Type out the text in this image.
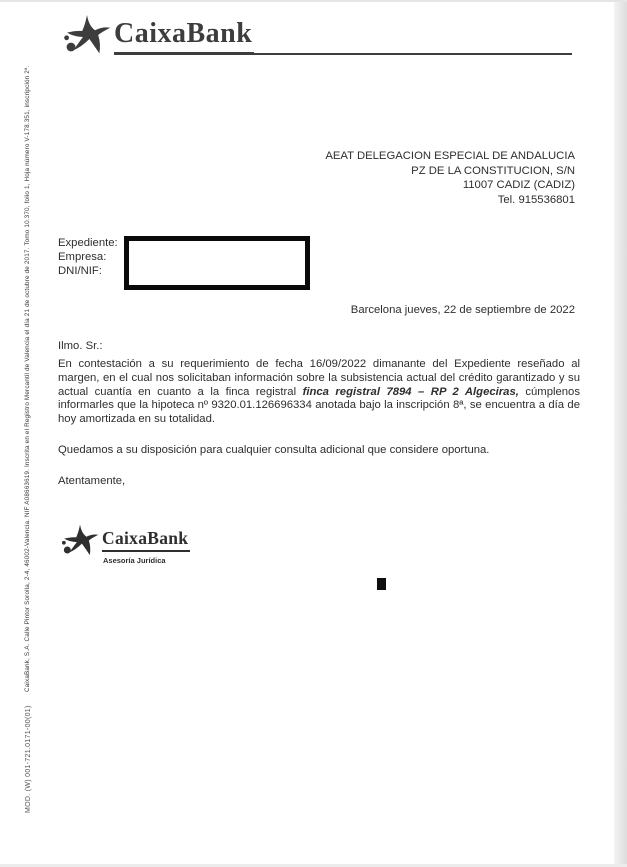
CaixaBank
AEAT DELEGACION ESPECIAL DE ANDALUCIA
PZ DE LA CONSTITUCION, S/N
11007 CADIZ (CADIZ)
Tel. 915536801
Expediente:
Empresa:
DNI/NIF:
Barcelona jueves, 22 de septiembre de 2022
Ilmo. Sr.:
En contestación a su requerimiento de fecha 16/09/2022 dimanante del Expediente reseñado al margen, en el cual nos solicitaban información sobre la subsistencia actual del crédito garantizado y su actual cuantía en cuanto a la finca registral finca registral 7894 – RP 2 Algeciras, cúmplenos informarles que la hipoteca nº 9320.01.126696334 anotada bajo la inscripción 8ª, se encuentra a día de hoy amortizada en su totalidad.
Quedamos a su disposición para cualquier consulta adicional que considere oportuna.
Atentamente,
CaixaBank
Asesoría Jurídica
CaixaBank, S.A. Calle Pintor Sorolla, 2-4, 46002-Valencia. NIF A08663619. Inscrita en el Registro Mercantil de Valencia el día 21 de octubre de 2017. Tomo 10.370, folio 1, Hoja número V-178.351, inscripción 2ª.
MOD. (W) 001-721.0171-00(01)
